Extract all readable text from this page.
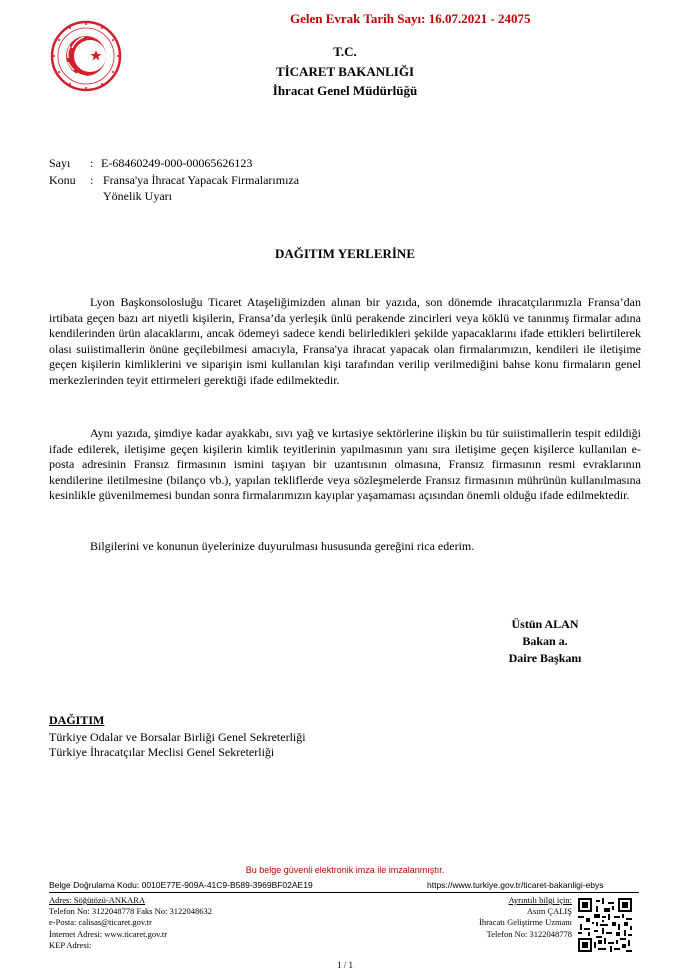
Gelen Evrak Tarih Sayı: 16.07.2021 - 24075
T.C.
TİCARET BAKANLIĞI
İhracat Genel Müdürlüğü
Sayı : E-68460249-000-00065626123
Konu : Fransa'ya İhracat Yapacak Firmalarımıza
Yönelik Uyarı
DAĞITIM YERLERİNE

Lyon Başkonsolosluğu Ticaret Ataşeliğimizden alınan bir yazıda, son dönemde ihracatçılarımızla Fransa’dan irtibata geçen bazı art niyetli kişilerin, Fransa’da yerleşik ünlü perakende zincirleri veya köklü ve tanınmış firmalar adına kendilerinden ürün alacaklarını, ancak ödemeyi sadece kendi belirledikleri şekilde yapacaklarını ifade ettikleri belirtilerek olası suiistimallerin önüne geçilebilmesi amacıyla, Fransa'ya ihracat yapacak olan firmalarımızın, kendileri ile iletişime geçen kişilerin kimliklerini ve siparişin ismi kullanılan kişi tarafından verilip verilmediğini bahse konu firmaların genel merkezlerinden teyit ettirmeleri gerektiği ifade edilmektedir.

Aynı yazıda, şimdiye kadar ayakkabı, sıvı yağ ve kırtasiye sektörlerine ilişkin bu tür suiistimallerin tespit edildiği ifade edilerek, iletişime geçen kişilerin kimlik teyitlerinin yapılmasının yanı sıra iletişime geçen kişilerce kullanılan e-posta adresinin Fransız firmasının ismini taşıyan bir uzantısının olmasına, Fransız firmasının resmi evraklarının kendilerine iletilmesine (bilanço vb.), yapılan tekliflerde veya sözleşmelerde Fransız firmasının mührünün kullanılmasına kesinlikle güvenilmemesi bundan sonra firmalarımızın kayıplar yaşamaması açısından önemli olduğu ifade edilmektedir.

Bilgilerini ve konunun üyelerinize duyurulması hususunda gereğini rica ederim.

Üstün ALAN
Bakan a.
Daire Başkanı
DAĞITIM
Türkiye Odalar ve Borsalar Birliği Genel Sekreterliği
Türkiye İhracatçılar Meclisi Genel Sekreterliği
Bu belge güvenli elektronik imza ile imzalanmıştır.
Belge Doğrulama Kodu: 0010E77E-909A-41C9-B589-3969BF02AE19	https://www.turkiye.gov.tr/ticaret-bakanligi-ebys
Adres: Söğütözü-ANKARA
Telefon No: 3122048778 Faks No: 3122048632
e-Posta: calisas@ticaret.gov.tr
İnternet Adresi: www.ticaret.gov.tr
KEP Adresi:
Ayrıntılı bilgi için:
Asım ÇALIŞ
İhracatı Geliştirme Uzmanı
Telefon No: 3122048778
1 / 1
